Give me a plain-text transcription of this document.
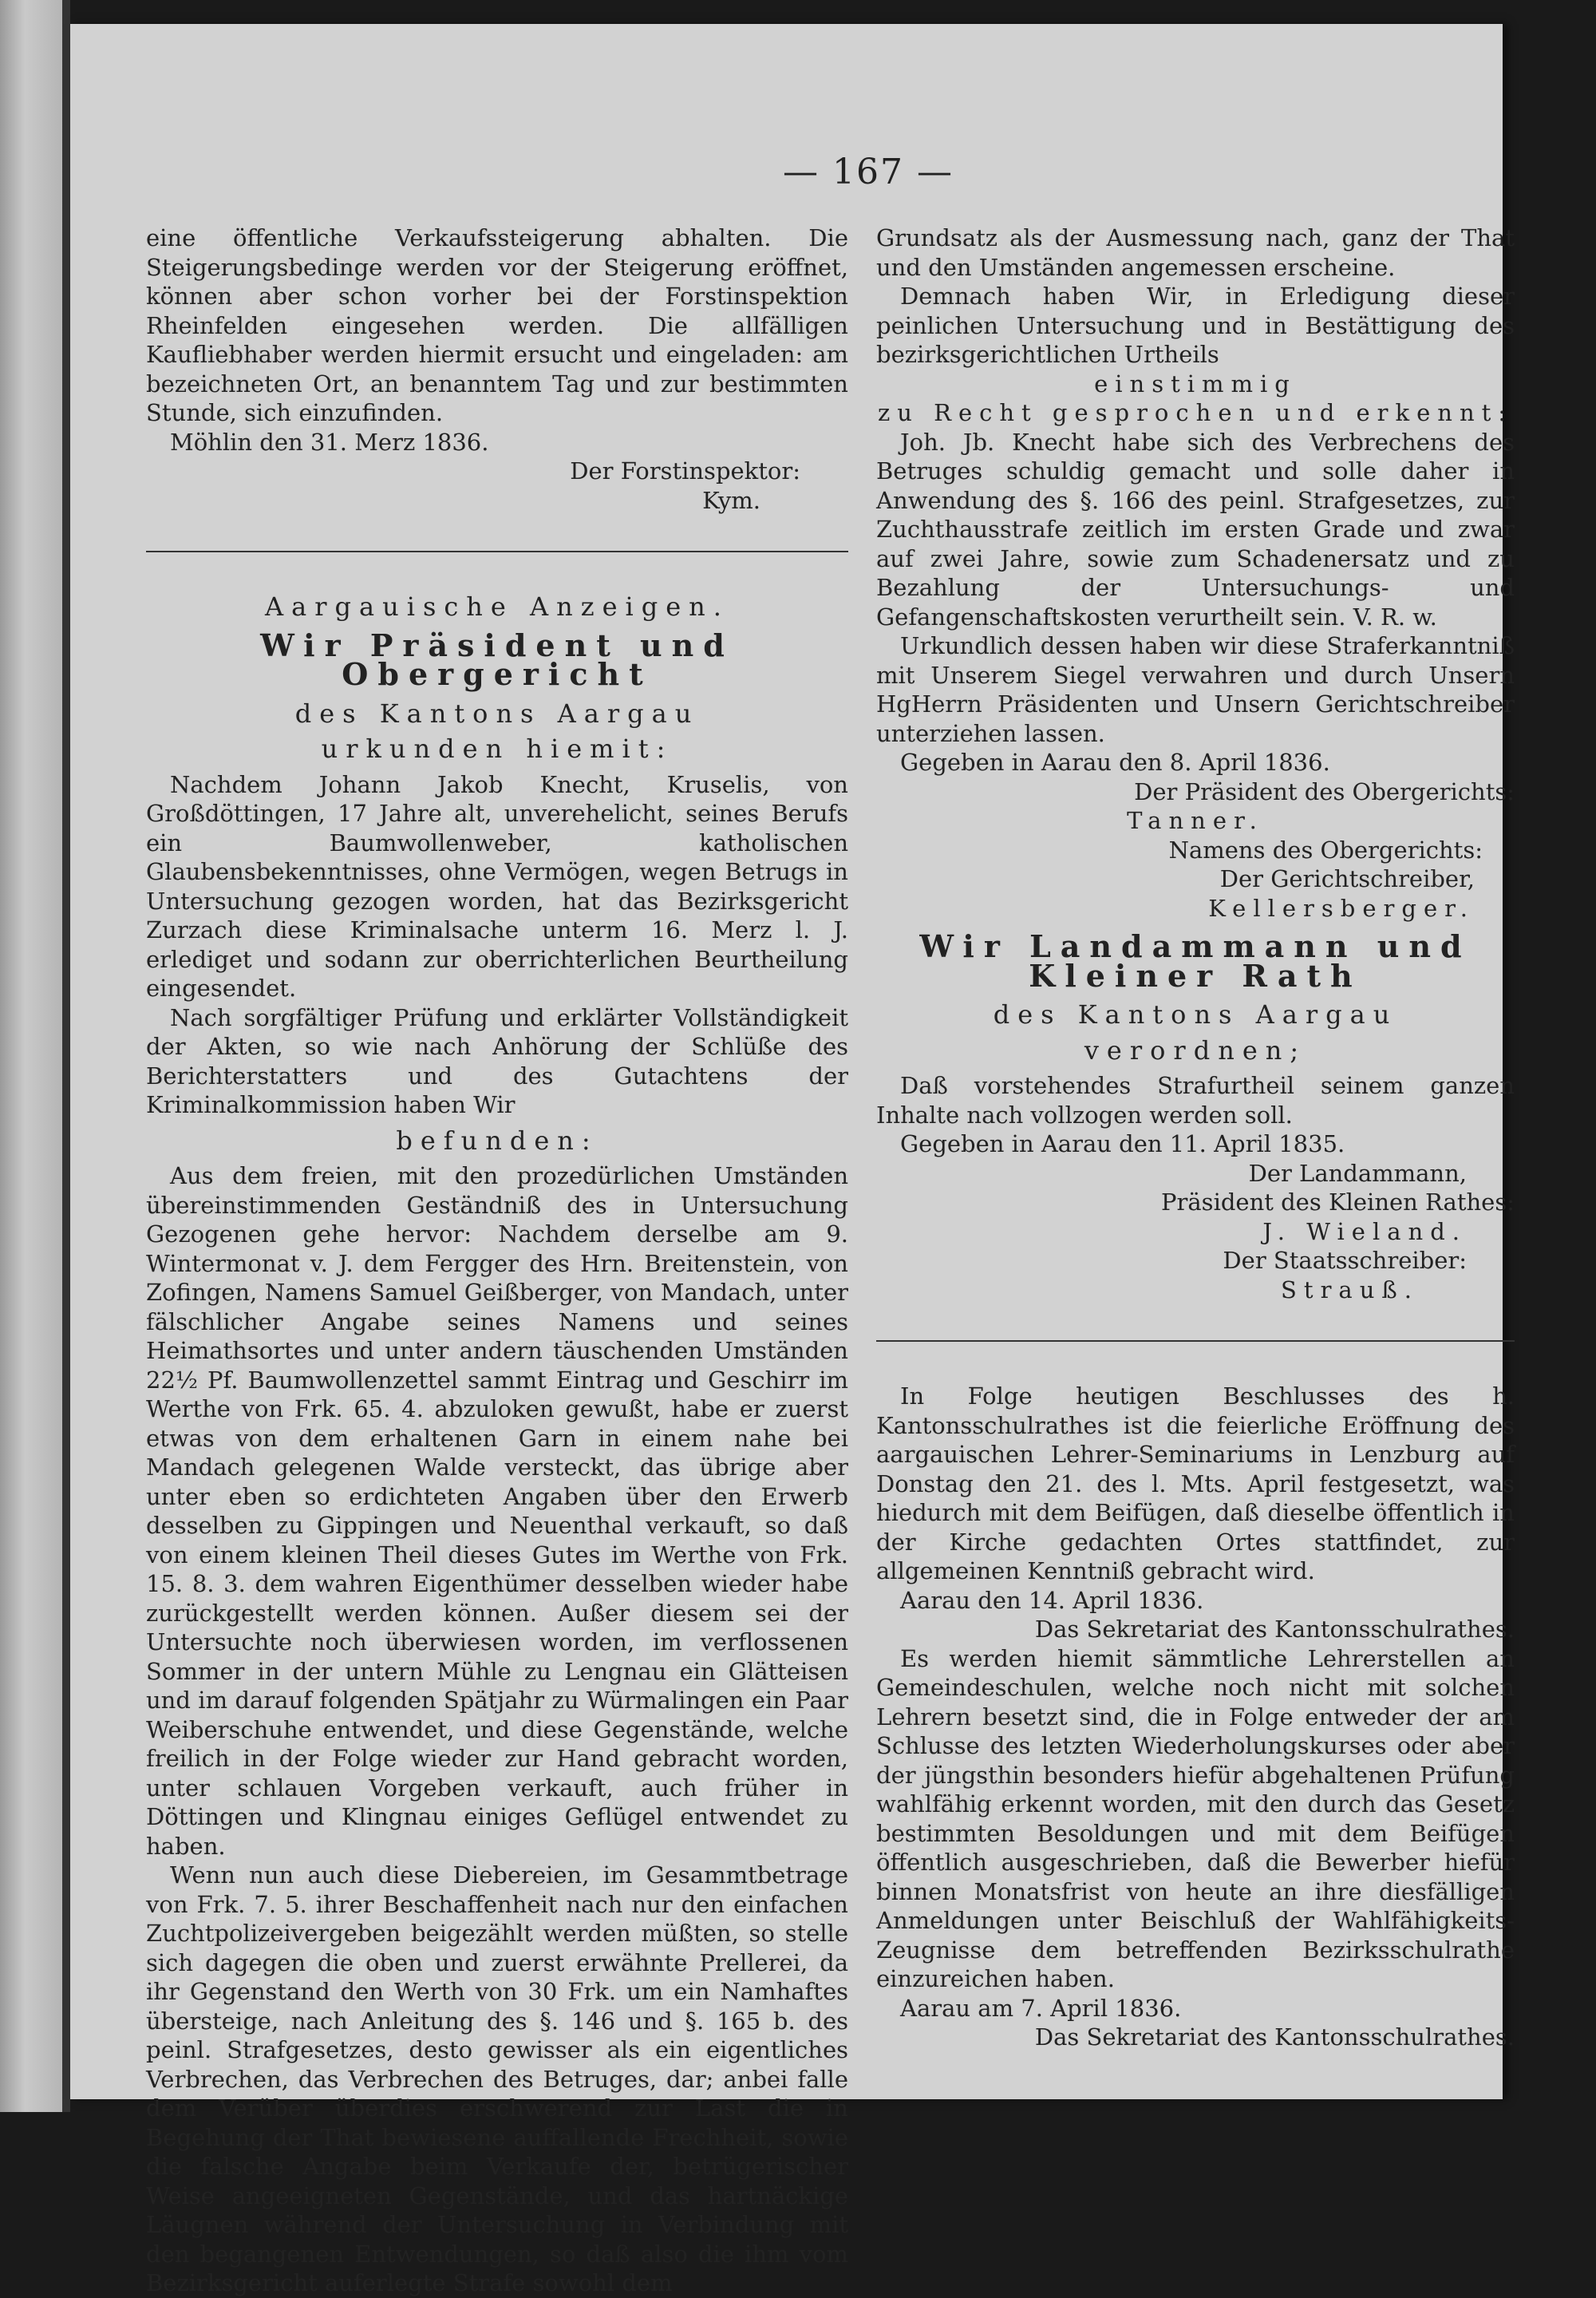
— 167 —

eine öffentliche Verkaufssteigerung abhalten. Die Steigerungsbedinge werden vor der Steigerung eröffnet, können aber schon vorher bei der Forstinspektion Rheinfelden eingesehen werden. Die allfälligen Kaufliebhaber werden hiermit ersucht und eingeladen: am bezeichneten Ort, an benanntem Tag und zur bestimmten Stunde, sich einzufinden.

Möhlin den 31. Merz 1836.

Der Forstinspektor:

Kym.

Aargauische Anzeigen.

Wir Präsident und Obergericht

des Kantons Aargau

urkunden hiemit:

Nachdem Johann Jakob Knecht, Kruselis, von Großdöttingen, 17 Jahre alt, unverehelicht, seines Berufs ein Baumwollenweber, katholischen Glaubensbekenntnisses, ohne Vermögen, wegen Betrugs in Untersuchung gezogen worden, hat das Bezirksgericht Zurzach diese Kriminalsache unterm 16. Merz l. J. erlediget und sodann zur oberrichterlichen Beurtheilung eingesendet.

Nach sorgfältiger Prüfung und erklärter Vollständigkeit der Akten, so wie nach Anhörung der Schlüße des Berichterstatters und des Gutachtens der Kriminalkommission haben Wir

befunden:

Aus dem freien, mit den prozedürlichen Umständen übereinstimmenden Geständniß des in Untersuchung Gezogenen gehe hervor: Nachdem derselbe am 9. Wintermonat v. J. dem Fergger des Hrn. Breitenstein, von Zofingen, Namens Samuel Geißberger, von Mandach, unter fälschlicher Angabe seines Namens und seines Heimathsortes und unter andern täuschenden Umständen 22½ Pf. Baumwollenzettel sammt Eintrag und Geschirr im Werthe von Frk. 65. 4. abzuloken gewußt, habe er zuerst etwas von dem erhaltenen Garn in einem nahe bei Mandach gelegenen Walde versteckt, das übrige aber unter eben so erdichteten Angaben über den Erwerb desselben zu Gippingen und Neuenthal verkauft, so daß von einem kleinen Theil dieses Gutes im Werthe von Frk. 15. 8. 3. dem wahren Eigenthümer desselben wieder habe zurückgestellt werden können. Außer diesem sei der Untersuchte noch überwiesen worden, im verflossenen Sommer in der untern Mühle zu Lengnau ein Glätteisen und im darauf folgenden Spätjahr zu Würmalingen ein Paar Weiberschuhe entwendet, und diese Gegenstände, welche freilich in der Folge wieder zur Hand gebracht worden, unter schlauen Vorgeben verkauft, auch früher in Döttingen und Klingnau einiges Geflügel entwendet zu haben.

Wenn nun auch diese Diebereien, im Gesammtbetrage von Frk. 7. 5. ihrer Beschaffenheit nach nur den einfachen Zuchtpolizeivergeben beigezählt werden müßten, so stelle sich dagegen die oben und zuerst erwähnte Prellerei, da ihr Gegenstand den Werth von 30 Frk. um ein Namhaftes übersteige, nach Anleitung des §. 146 und §. 165 b. des peinl. Strafgesetzes, desto gewisser als ein eigentliches Verbrechen, das Verbrechen des Betruges, dar; anbei falle dem Verüber überdies erschwerend zur Last die in Begehung der That bewiesene auffallende Frechheit, sowie die falsche Angabe beim Verkaufe der, betrügerischer Weise angeeigneten Gegenstände, und das hartnäckige Läugnen während der Untersuchung in Verbindung mit den begangenen Entwendungen, so daß also die ihm vom Bezirksgericht auferlegte Strafe sowohl dem

Grundsatz als der Ausmessung nach, ganz der That und den Umständen angemessen erscheine.

Demnach haben Wir, in Erledigung dieser peinlichen Untersuchung und in Bestättigung des bezirksgerichtlichen Urtheils

einstimmig

zu Recht gesprochen und erkennt:

Joh. Jb. Knecht habe sich des Verbrechens des Betruges schuldig gemacht und solle daher in Anwendung des §. 166 des peinl. Strafgesetzes, zur Zuchthausstrafe zeitlich im ersten Grade und zwar auf zwei Jahre, sowie zum Schadenersatz und zu Bezahlung der Untersuchungs- und Gefangenschaftskosten verurtheilt sein. V. R. w.

Urkundlich dessen haben wir diese Straferkanntniß mit Unserem Siegel verwahren und durch Unsern HgHerrn Präsidenten und Unsern Gerichtschreiber unterziehen lassen.

Gegeben in Aarau den 8. April 1836.

Der Präsident des Obergerichts:

Tanner.

Namens des Obergerichts:

Der Gerichtschreiber,

Kellersberger.

Wir Landammann und Kleiner Rath

des Kantons Aargau

verordnen;

Daß vorstehendes Strafurtheil seinem ganzen Inhalte nach vollzogen werden soll.

Gegeben in Aarau den 11. April 1835.

Der Landammann,

Präsident des Kleinen Rathes:

J. Wieland.

Der Staatsschreiber:

Strauß.

In Folge heutigen Beschlusses des h. Kantonsschulrathes ist die feierliche Eröffnung des aargauischen Lehrer-Seminariums in Lenzburg auf Donstag den 21. des l. Mts. April festgesetzt, was hiedurch mit dem Beifügen, daß dieselbe öffentlich in der Kirche gedachten Ortes stattfindet, zur allgemeinen Kenntniß gebracht wird.

Aarau den 14. April 1836.

Das Sekretariat des Kantonsschulrathes.

Es werden hiemit sämmtliche Lehrerstellen an Gemeindeschulen, welche noch nicht mit solchen Lehrern besetzt sind, die in Folge entweder der am Schlusse des letzten Wiederholungskurses oder aber der jüngsthin besonders hiefür abgehaltenen Prüfung wahlfähig erkennt worden, mit den durch das Gesetz bestimmten Besoldungen und mit dem Beifügen öffentlich ausgeschrieben, daß die Bewerber hiefür binnen Monatsfrist von heute an ihre diesfälligen Anmeldungen unter Beischluß der Wahlfähigkeits-Zeugnisse dem betreffenden Bezirksschulrathe einzureichen haben.

Aarau am 7. April 1836.

Das Sekretariat des Kantonsschulrathes.
